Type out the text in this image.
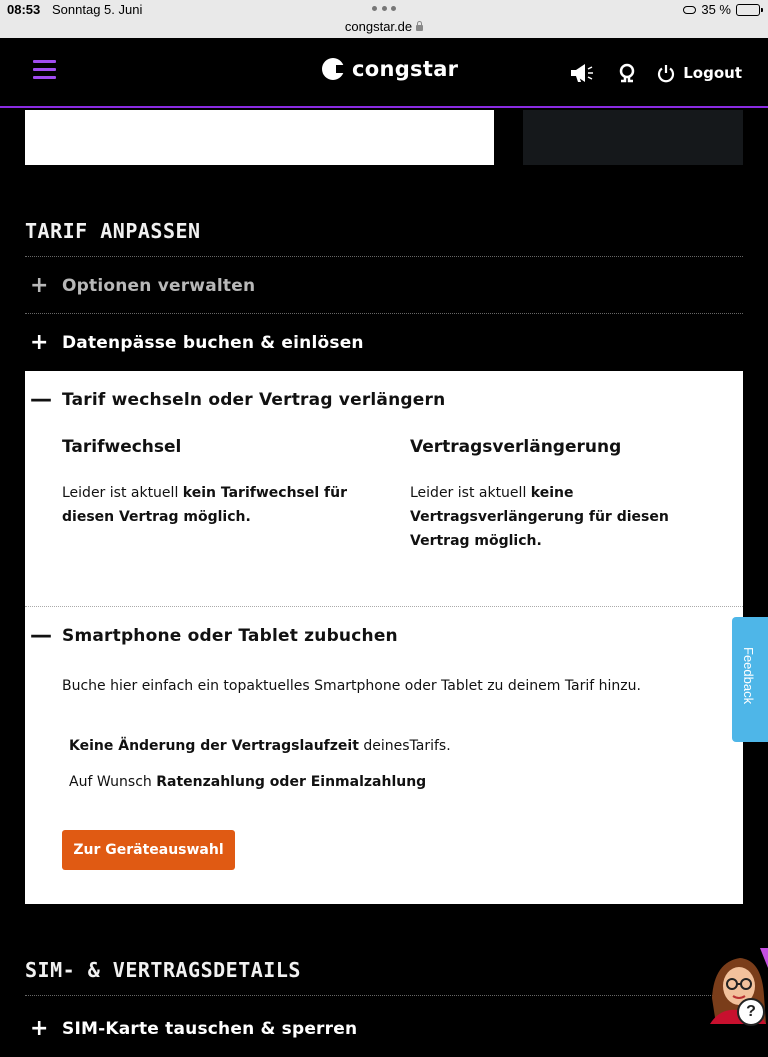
08:53 Sonntag 5. Juni
congstar.de
35 %
congstar	Logout
TARIF ANPASSEN
+ Optionen verwalten
+ Datenpässe buchen & einlösen
— Tarif wechseln oder Vertrag verlängern
Tarifwechsel

Leider ist aktuell kein Tarifwechsel für diesen Vertrag möglich.

Vertragsverlängerung

Leider ist aktuell keine Vertragsverlängerung für diesen Vertrag möglich.

— Smartphone oder Tablet zubuchen

Buche hier einfach ein topaktuelles Smartphone oder Tablet zu deinem Tarif hinzu.

Keine Änderung der Vertragslaufzeit deinesTarifs.

Auf Wunsch Ratenzahlung oder Einmalzahlung

Zur Geräteauswahl
SIM- & VERTRAGSDETAILS
+ SIM-Karte tauschen & sperren
Feedback
?
